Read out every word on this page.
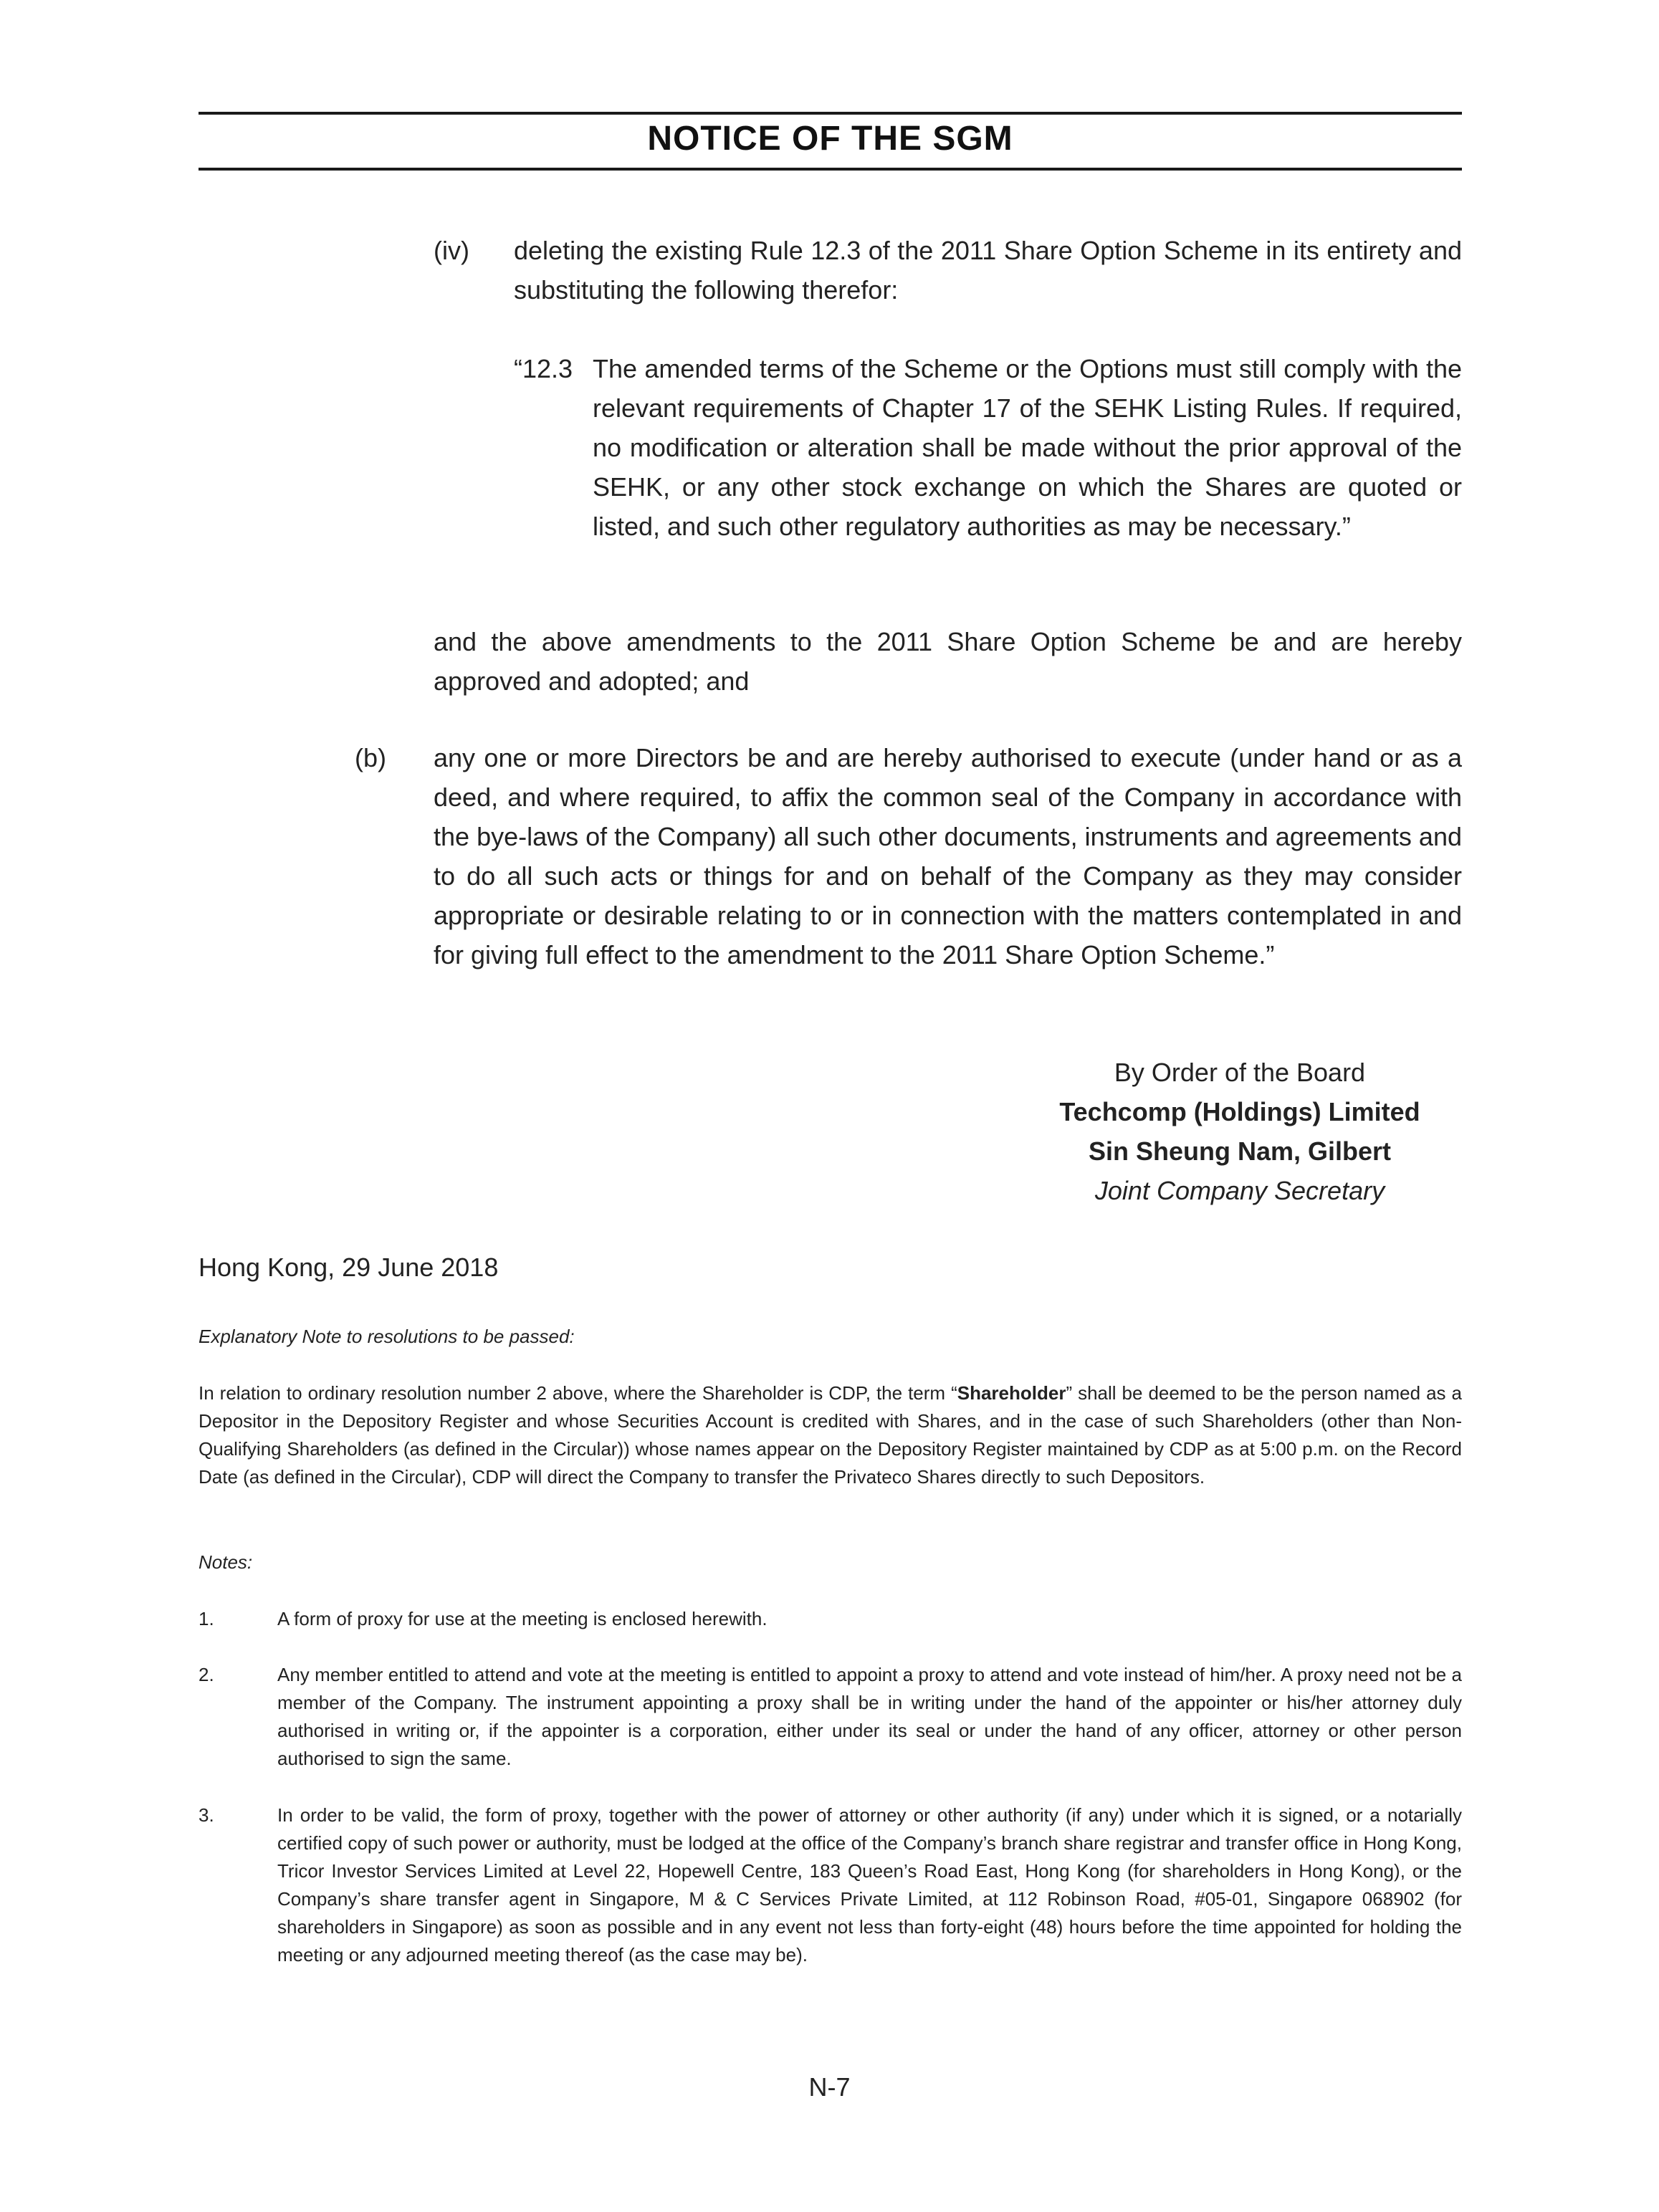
NOTICE OF THE SGM
(iv) deleting the existing Rule 12.3 of the 2011 Share Option Scheme in its entirety and substituting the following therefor:
“12.3 The amended terms of the Scheme or the Options must still comply with the relevant requirements of Chapter 17 of the SEHK Listing Rules. If required, no modification or alteration shall be made without the prior approval of the SEHK, or any other stock exchange on which the Shares are quoted or listed, and such other regulatory authorities as may be necessary.”
and the above amendments to the 2011 Share Option Scheme be and are hereby approved and adopted; and
(b) any one or more Directors be and are hereby authorised to execute (under hand or as a deed, and where required, to affix the common seal of the Company in accordance with the bye-laws of the Company) all such other documents, instruments and agreements and to do all such acts or things for and on behalf of the Company as they may consider appropriate or desirable relating to or in connection with the matters contemplated in and for giving full effect to the amendment to the 2011 Share Option Scheme.”
By Order of the Board
Techcomp (Holdings) Limited
Sin Sheung Nam, Gilbert
Joint Company Secretary
Hong Kong, 29 June 2018
Explanatory Note to resolutions to be passed:
In relation to ordinary resolution number 2 above, where the Shareholder is CDP, the term “Shareholder” shall be deemed to be the person named as a Depositor in the Depository Register and whose Securities Account is credited with Shares, and in the case of such Shareholders (other than Non-Qualifying Shareholders (as defined in the Circular)) whose names appear on the Depository Register maintained by CDP as at 5:00 p.m. on the Record Date (as defined in the Circular), CDP will direct the Company to transfer the Privateco Shares directly to such Depositors.
Notes:
1.	A form of proxy for use at the meeting is enclosed herewith.
2.	Any member entitled to attend and vote at the meeting is entitled to appoint a proxy to attend and vote instead of him/her. A proxy need not be a member of the Company. The instrument appointing a proxy shall be in writing under the hand of the appointer or his/her attorney duly authorised in writing or, if the appointer is a corporation, either under its seal or under the hand of any officer, attorney or other person authorised to sign the same.
3.	In order to be valid, the form of proxy, together with the power of attorney or other authority (if any) under which it is signed, or a notarially certified copy of such power or authority, must be lodged at the office of the Company’s branch share registrar and transfer office in Hong Kong, Tricor Investor Services Limited at Level 22, Hopewell Centre, 183 Queen’s Road East, Hong Kong (for shareholders in Hong Kong), or the Company’s share transfer agent in Singapore, M & C Services Private Limited, at 112 Robinson Road, #05-01, Singapore 068902 (for shareholders in Singapore) as soon as possible and in any event not less than forty-eight (48) hours before the time appointed for holding the meeting or any adjourned meeting thereof (as the case may be).
N-7
